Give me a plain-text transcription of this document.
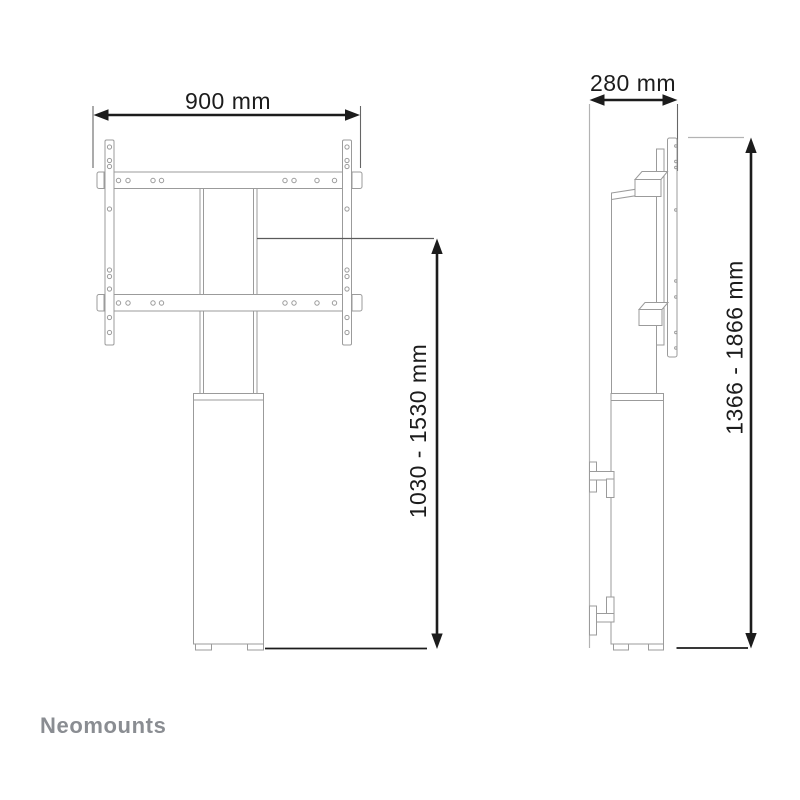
900 mm
1030 - 1530 mm
280 mm
1366 - 1866 mm
Neomounts
